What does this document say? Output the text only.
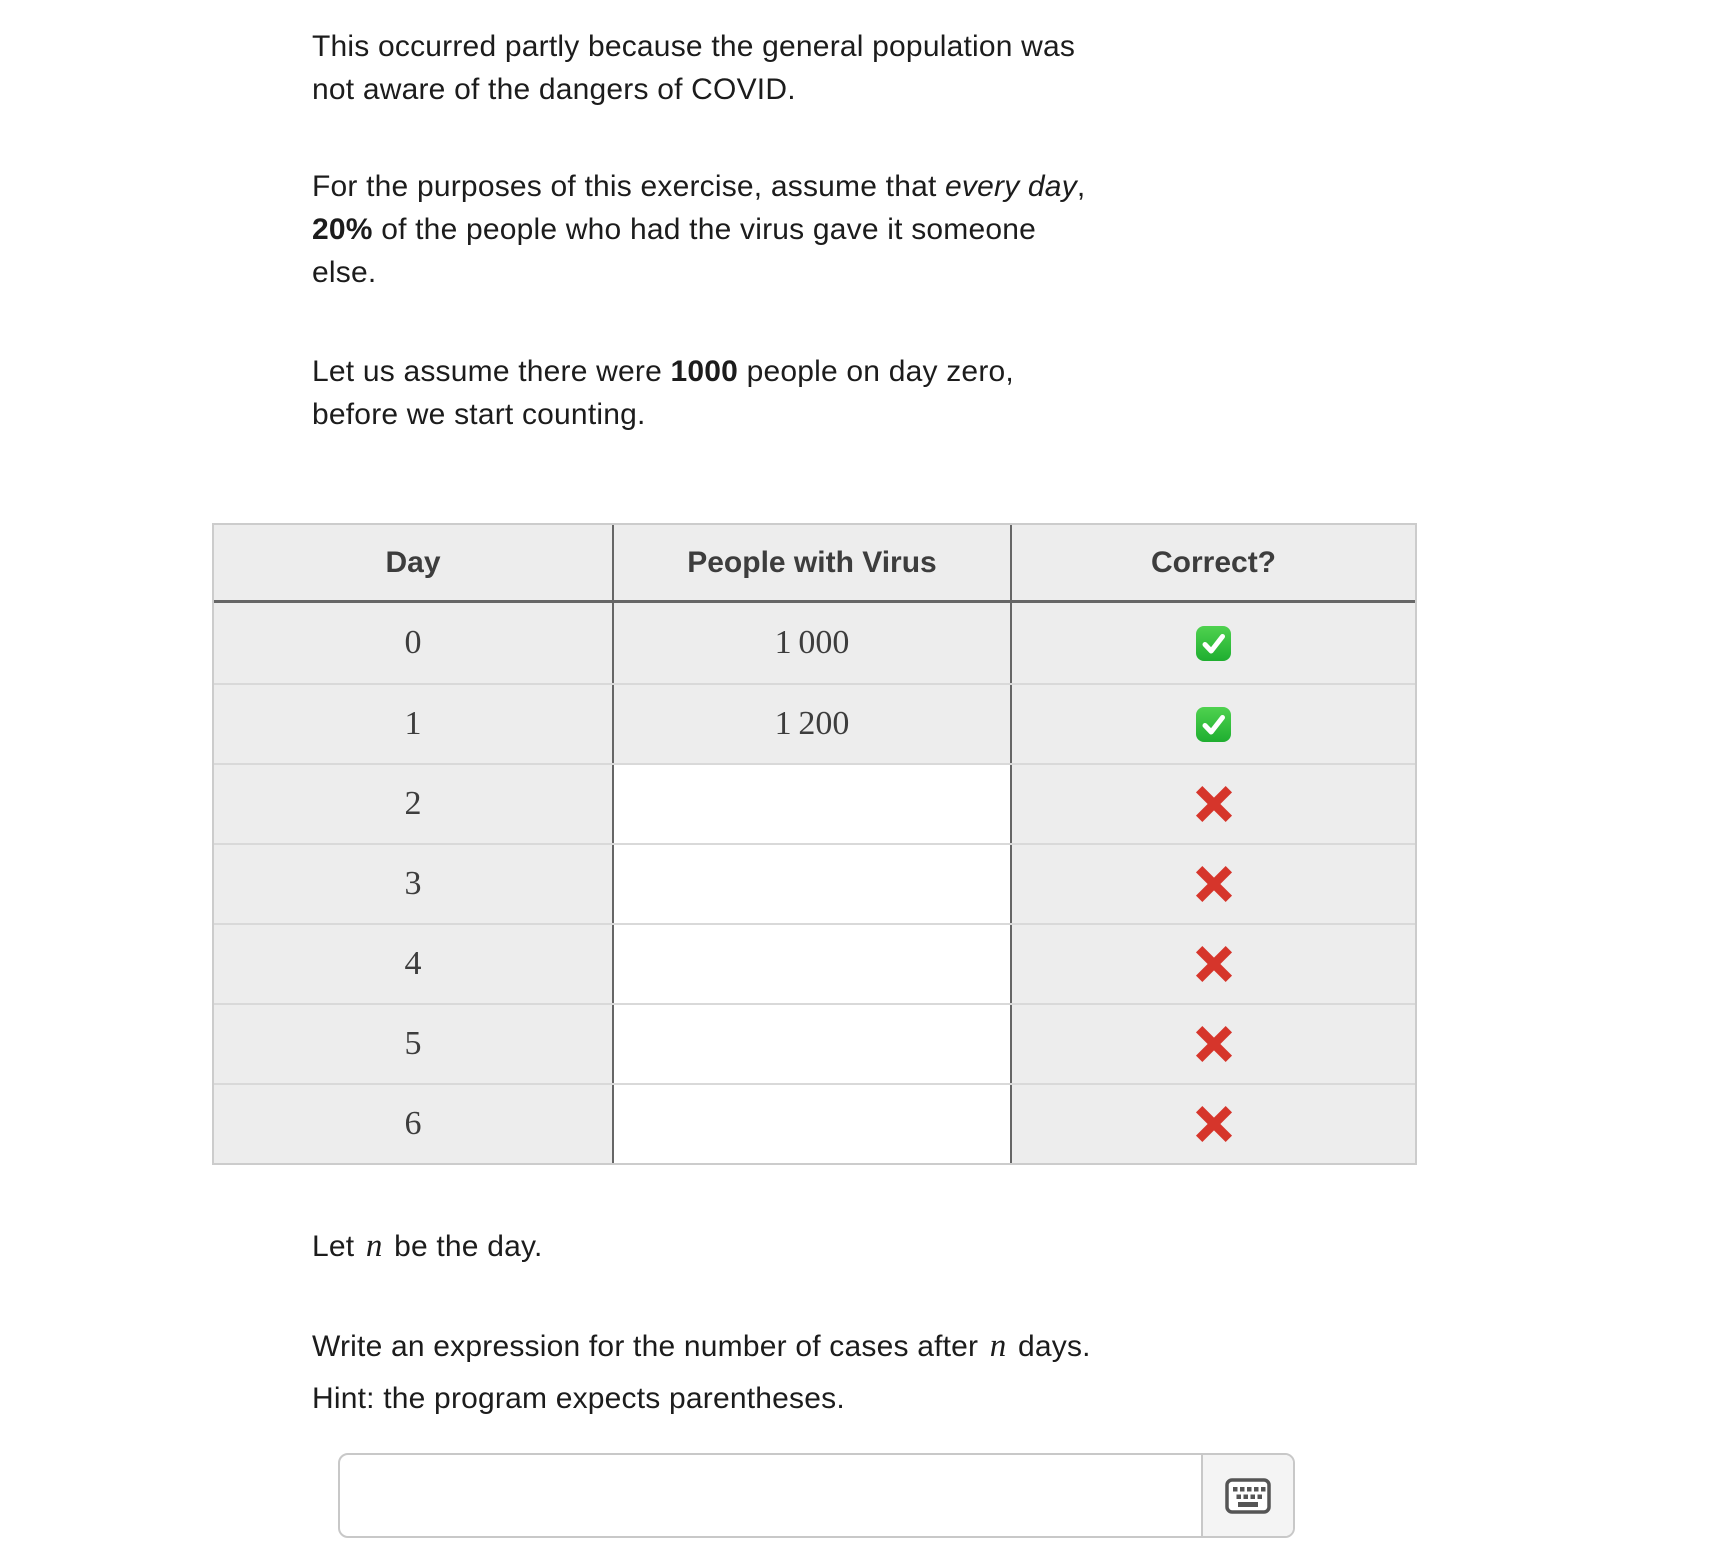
This occurred partly because the general population was
not aware of the dangers of COVID.
For the purposes of this exercise, assume that every day,
20% of the people who had the virus gave it someone
else.
Let us assume there were 1000 people on day zero,
before we start counting.
Day	People with Virus	Correct?
0	1 000
1	1 200
2
3
4
5
6
Let n be the day.
Write an expression for the number of cases after n days.
Hint: the program expects parentheses.
